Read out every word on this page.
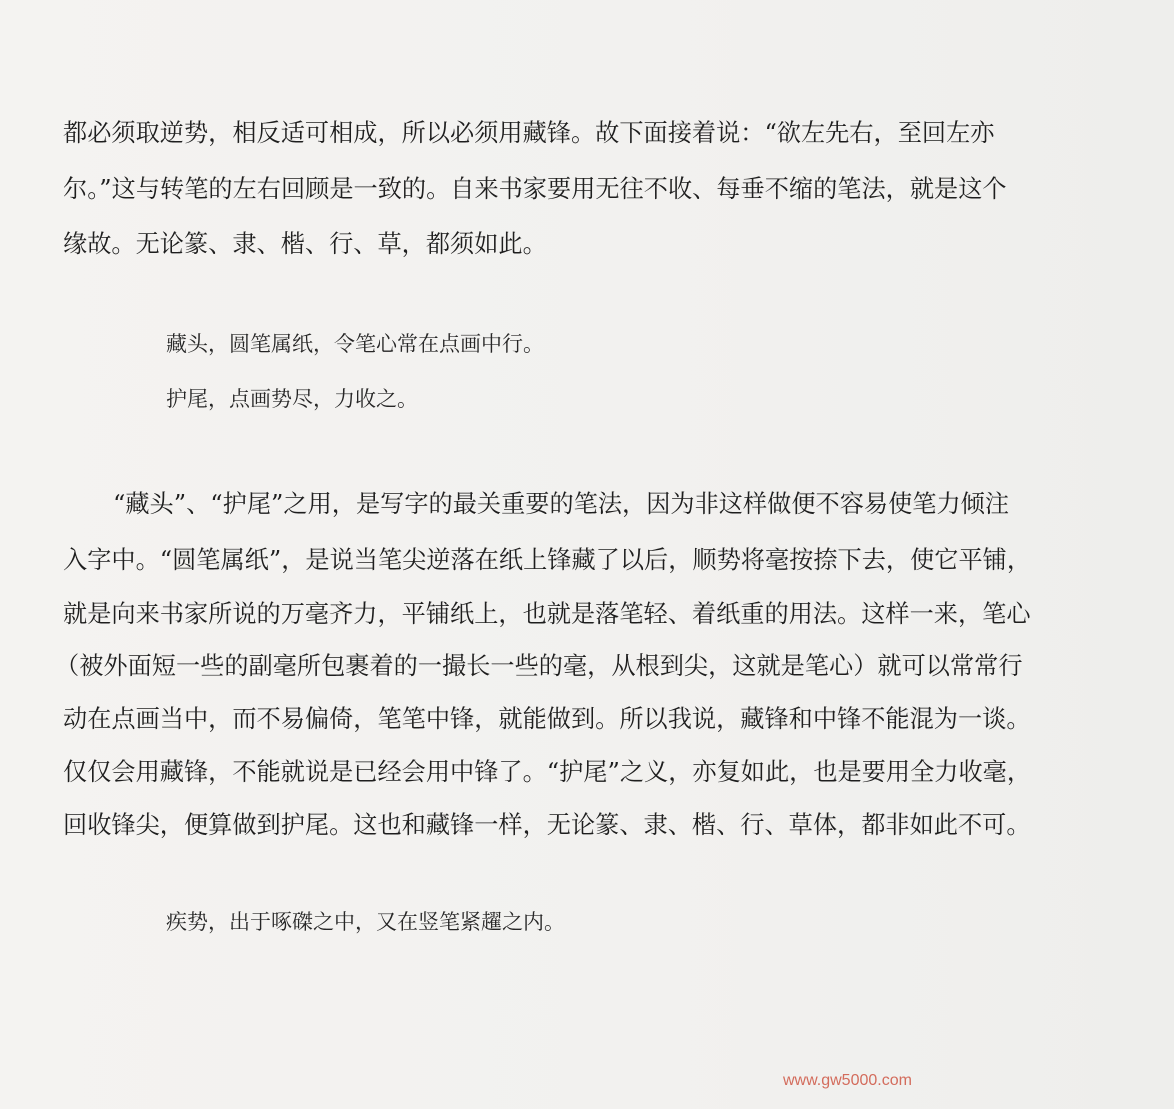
都必须取逆势，相反适可相成，所以必须用藏锋。故下面接着说：“欲左先右，至回左亦
尔。”这与转笔的左右回顾是一致的。自来书家要用无往不收、每垂不缩的笔法，就是这个
缘故。无论篆、隶、楷、行、草，都须如此。
藏头，圆笔属纸，令笔心常在点画中行。
护尾，点画势尽，力收之。
“藏头”、“护尾”之用，是写字的最关重要的笔法，因为非这样做便不容易使笔力倾注
入字中。“圆笔属纸”，是说当笔尖逆落在纸上锋藏了以后，顺势将毫按捺下去，使它平铺，
就是向来书家所说的万毫齐力，平铺纸上，也就是落笔轻、着纸重的用法。这样一来，笔心
（被外面短一些的副毫所包裹着的一撮长一些的毫，从根到尖，这就是笔心）就可以常常行
动在点画当中，而不易偏倚，笔笔中锋，就能做到。所以我说，藏锋和中锋不能混为一谈。
仅仅会用藏锋，不能就说是已经会用中锋了。“护尾”之义，亦复如此，也是要用全力收毫，
回收锋尖，便算做到护尾。这也和藏锋一样，无论篆、隶、楷、行、草体，都非如此不可。
疾势，出于啄磔之中，又在竖笔紧趯之内。
www.gw5000.com
